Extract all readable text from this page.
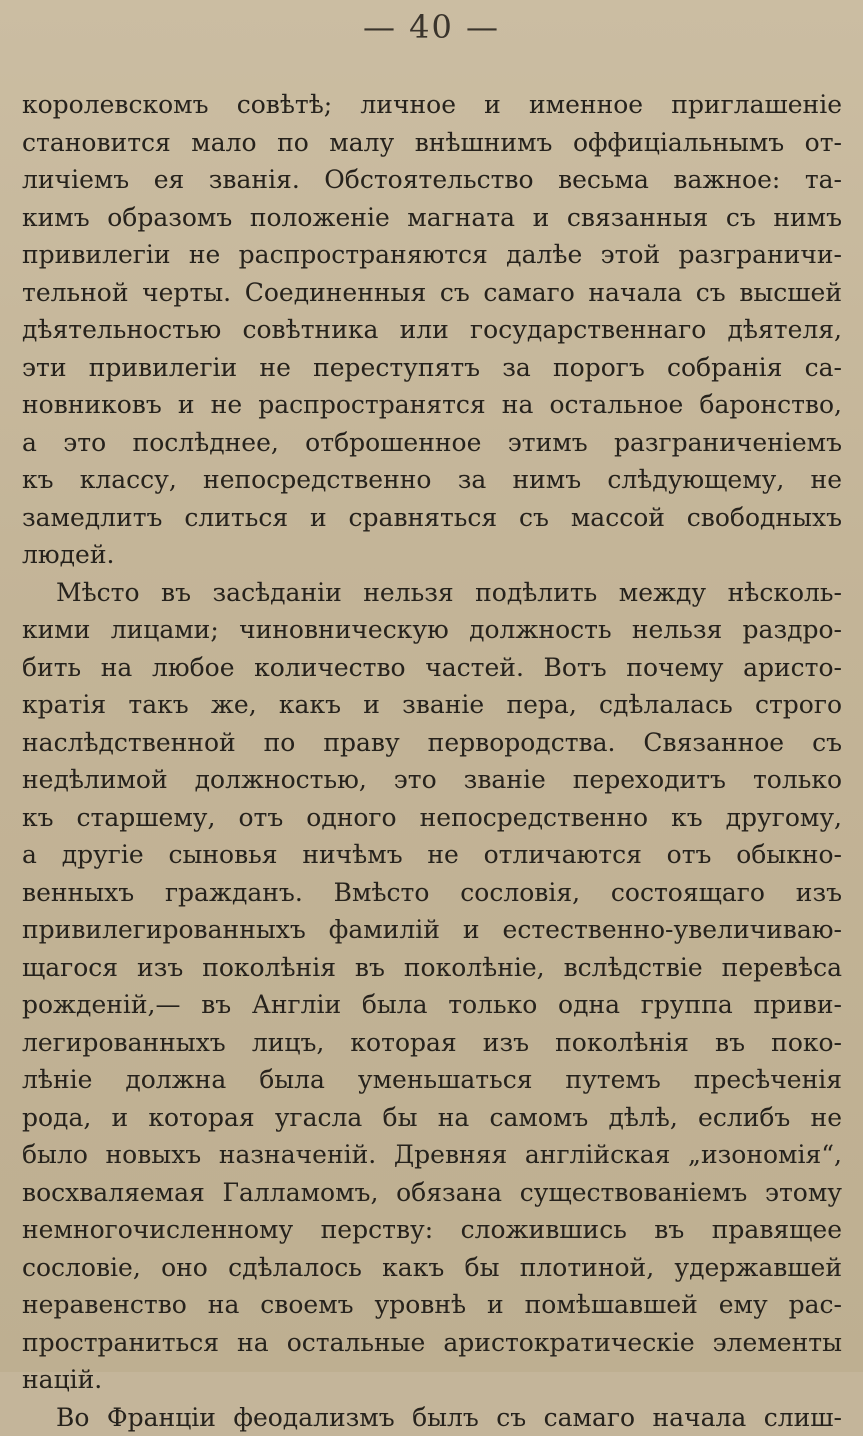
— 40 —
королевскомъ совѣтѣ; личное и именное приглашеніе
становится мало по малу внѣшнимъ оффиціальнымъ от-
личіемъ ея званія. Обстоятельство весьма важное: та-
кимъ образомъ положеніе магната и связанныя съ нимъ
привилегіи не распространяются далѣе этой разграничи-
тельной черты. Соединенныя съ самаго начала съ высшей
дѣятельностью совѣтника или государственнаго дѣятеля,
эти привилегіи не переступятъ за порогъ собранія са-
новниковъ и не распространятся на остальное баронство,
а это послѣднее, отброшенное этимъ разграниченіемъ
къ классу, непосредственно за нимъ слѣдующему, не
замедлитъ слиться и сравняться съ массой свободныхъ
людей.
Мѣсто въ засѣданіи нельзя подѣлить между нѣсколь-
кими лицами; чиновническую должность нельзя раздро-
бить на любое количество частей. Вотъ почему аристо-
кратія такъ же, какъ и званіе пера, сдѣлалась строго
наслѣдственной по праву первородства. Связанное съ
недѣлимой должностью, это званіе переходитъ только
къ старшему, отъ одного непосредственно къ другому,
а другіе сыновья ничѣмъ не отличаются отъ обыкно-
венныхъ гражданъ. Вмѣсто сословія, состоящаго изъ
привилегированныхъ фамилій и естественно-увеличиваю-
щагося изъ поколѣнія въ поколѣніе, вслѣдствіе перевѣса
рожденій,— въ Англіи была только одна группа приви-
легированныхъ лицъ, которая изъ поколѣнія въ поко-
лѣніе должна была уменьшаться путемъ пресѣченія
рода, и которая угасла бы на самомъ дѣлѣ, еслибъ не
было новыхъ назначеній. Древняя англійская „изономія“,
восхваляемая Галламомъ, обязана существованіемъ этому
немногочисленному перству: сложившись въ правящее
сословіе, оно сдѣлалось какъ бы плотиной, удержавшей
неравенство на своемъ уровнѣ и помѣшавшей ему рас-
пространиться на остальные аристократическіе элементы
націй.
Во Франціи феодализмъ былъ съ самаго начала слиш-
